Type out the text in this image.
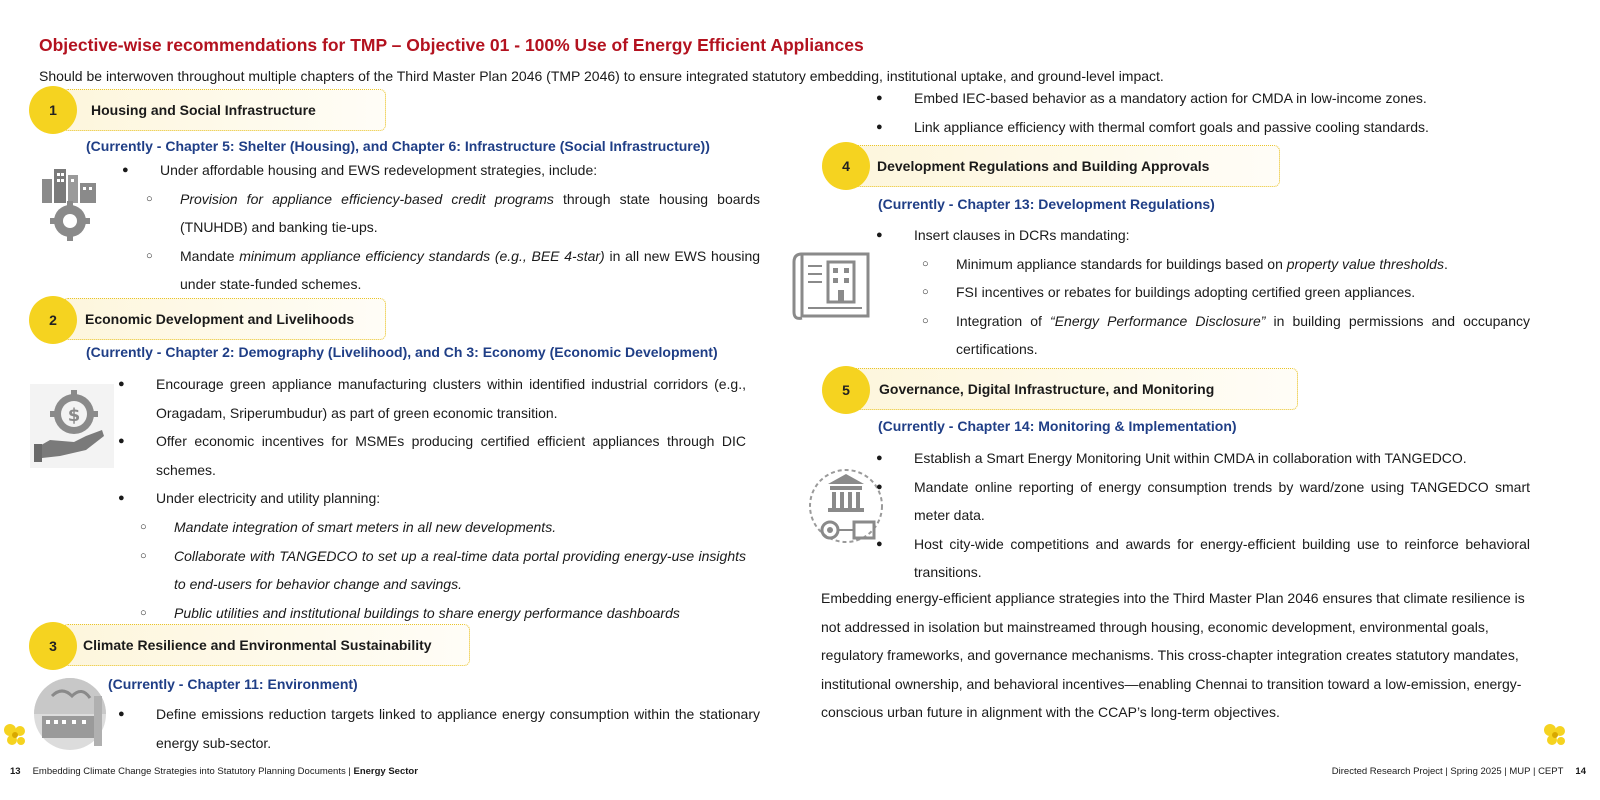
Objective-wise recommendations for TMP – Objective 01 - 100% Use of Energy Efficient Appliances
Should be interwoven throughout multiple chapters of the Third Master Plan 2046 (TMP 2046) to ensure integrated statutory embedding, institutional uptake, and ground-level impact.
Housing and Social Infrastructure
1
(Currently - Chapter 5: Shelter (Housing), and Chapter 6: Infrastructure (Social Infrastructure))
● Under affordable housing and EWS redevelopment strategies, include:
○ Provision for appliance efficiency-based credit programs through state housing boards (TNUHDB) and banking tie-ups.
○ Mandate minimum appliance efficiency standards (e.g., BEE 4-star) in all new EWS housing under state-funded schemes.
Economic Development and Livelihoods
2
(Currently - Chapter 2: Demography (Livelihood), and Ch 3: Economy (Economic Development)
$
● Encourage green appliance manufacturing clusters within identified industrial corridors (e.g., Oragadam, Sriperumbudur) as part of green economic transition.
● Offer economic incentives for MSMEs producing certified efficient appliances through DIC schemes.
● Under electricity and utility planning:
○ Mandate integration of smart meters in all new developments.
○ Collaborate with TANGEDCO to set up a real-time data portal providing energy-use insights to end-users for behavior change and savings.
○ Public utilities and institutional buildings to share energy performance dashboards
Climate Resilience and Environmental Sustainability
3
(Currently - Chapter 11: Environment)
● Define emissions reduction targets linked to appliance energy consumption within the stationary energy sub-sector.
● Embed IEC-based behavior as a mandatory action for CMDA in low-income zones.
● Link appliance efficiency with thermal comfort goals and passive cooling standards.
Development Regulations and Building Approvals
4
(Currently - Chapter 13: Development Regulations)
● Insert clauses in DCRs mandating:
○ Minimum appliance standards for buildings based on property value thresholds.
○ FSI incentives or rebates for buildings adopting certified green appliances.
○ Integration of “Energy Performance Disclosure” in building permissions and occupancy certifications.
Governance, Digital Infrastructure, and Monitoring
5
(Currently - Chapter 14: Monitoring & Implementation)
● Establish a Smart Energy Monitoring Unit within CMDA in collaboration with TANGEDCO.
● Mandate online reporting of energy consumption trends by ward/zone using TANGEDCO smart meter data.
● Host city-wide competitions and awards for energy-efficient building use to reinforce behavioral transitions.
Embedding energy-efficient appliance strategies into the Third Master Plan 2046 ensures that climate resilience is not addressed in isolation but mainstreamed through housing, economic development, environmental goals, regulatory frameworks, and governance mechanisms. This cross-chapter integration creates statutory mandates, institutional ownership, and behavioral incentives—enabling Chennai to transition toward a low-emission, energy-conscious urban future in alignment with the CCAP’s long-term objectives.
13 Embedding Climate Change Strategies into Statutory Planning Documents | Energy Sector	Directed Research Project | Spring 2025 | MUP | CEPT 14
